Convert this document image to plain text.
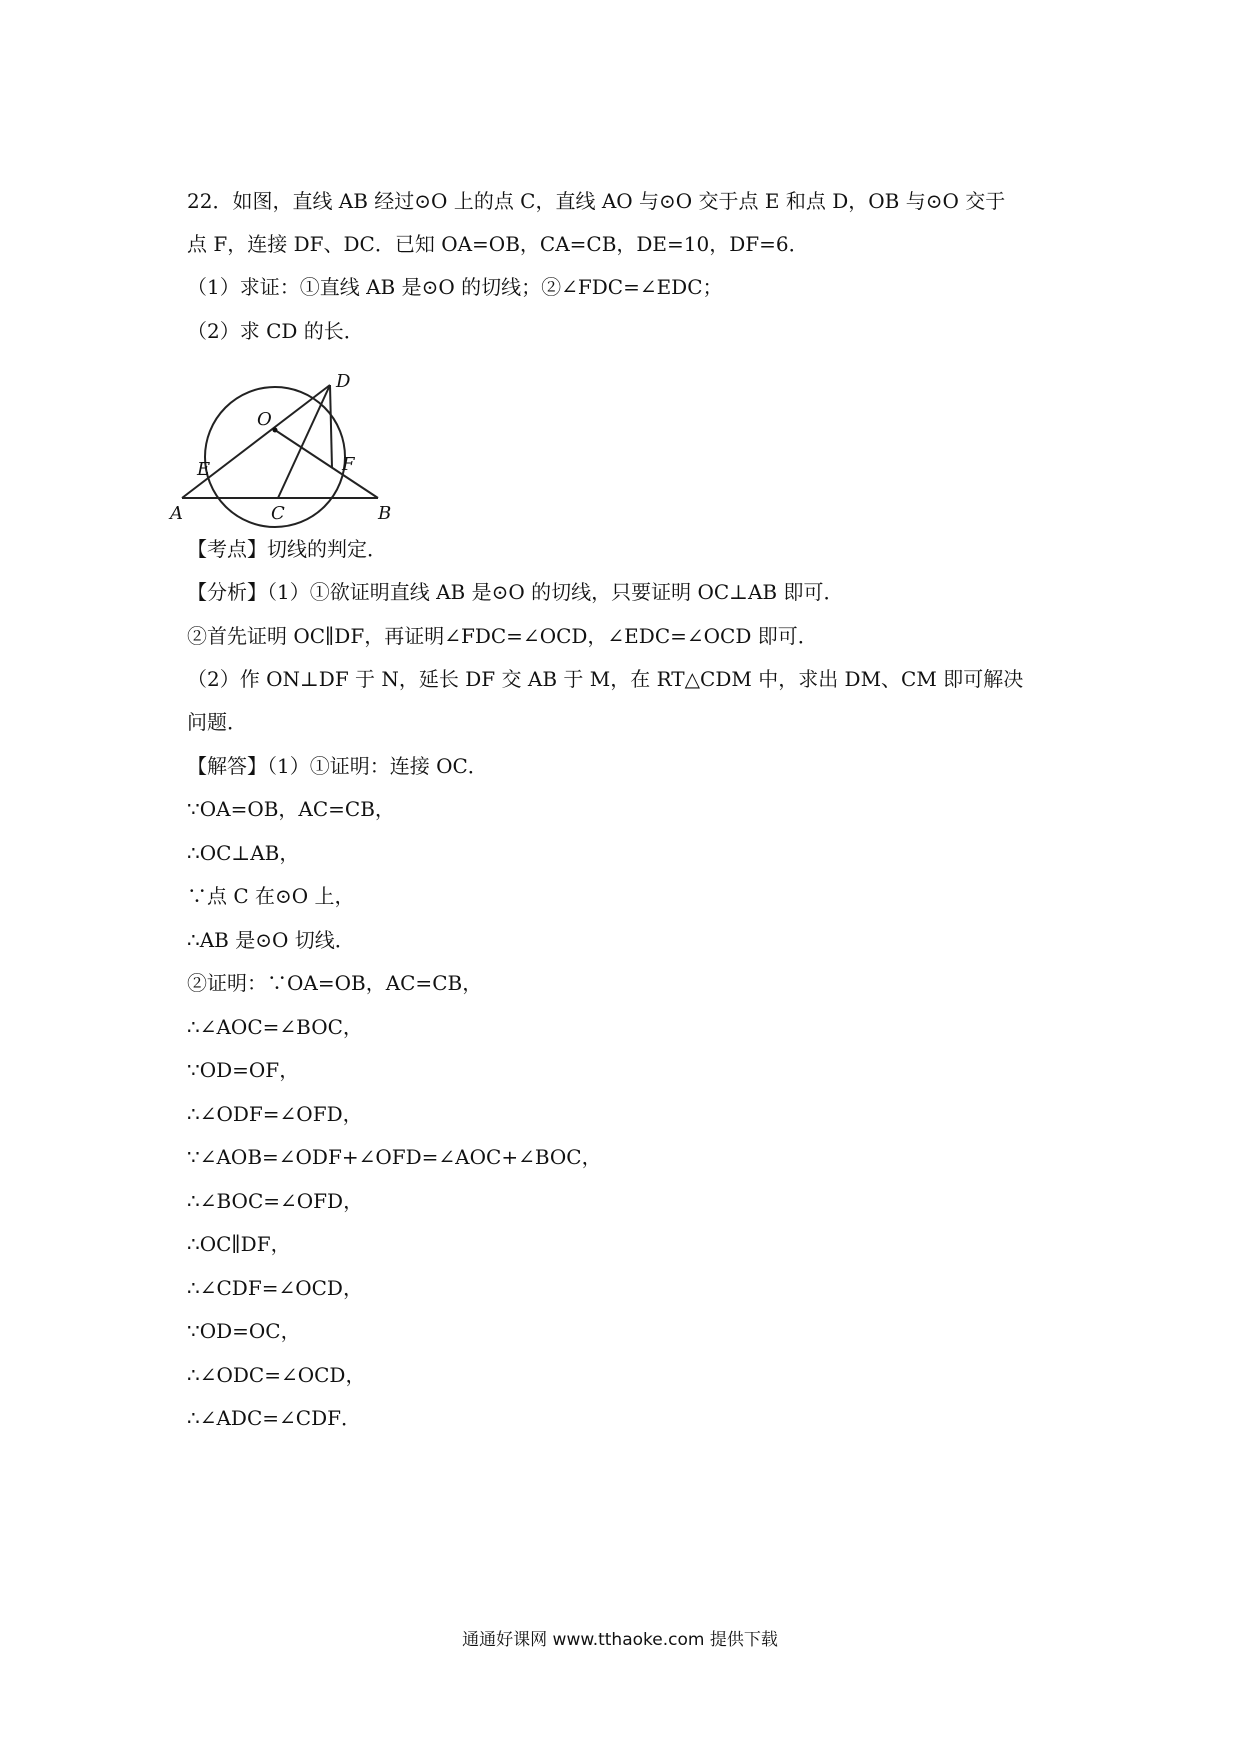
22．如图，直线 AB 经过⊙O 上的点 C，直线 AO 与⊙O 交于点 E 和点 D，OB 与⊙O 交于
点 F，连接 DF、DC．已知 OA=OB，CA=CB，DE=10，DF=6．
（1）求证：①直线 AB 是⊙O 的切线；②∠FDC=∠EDC；
（2）求 CD 的长．
D
O
E	F
A	C	B
【考点】切线的判定．
【分析】（1）①欲证明直线 AB 是⊙O 的切线，只要证明 OC⊥AB 即可．
②首先证明 OC∥DF，再证明∠FDC=∠OCD，∠EDC=∠OCD 即可．
（2）作 ON⊥DF 于 N，延长 DF 交 AB 于 M，在 RT△CDM 中，求出 DM、CM 即可解决
问题．
【解答】（1）①证明：连接 OC．
∵OA=OB，AC=CB，
∴OC⊥AB，
∵点 C 在⊙O 上，
∴AB 是⊙O 切线．
②证明：∵OA=OB，AC=CB，
∴∠AOC=∠BOC，
∵OD=OF，
∴∠ODF=∠OFD，
∵∠AOB=∠ODF+∠OFD=∠AOC+∠BOC，
∴∠BOC=∠OFD，
∴OC∥DF，
∴∠CDF=∠OCD，
∵OD=OC，
∴∠ODC=∠OCD，
∴∠ADC=∠CDF．
通通好课网 www.tthaoke.com 提供下载
